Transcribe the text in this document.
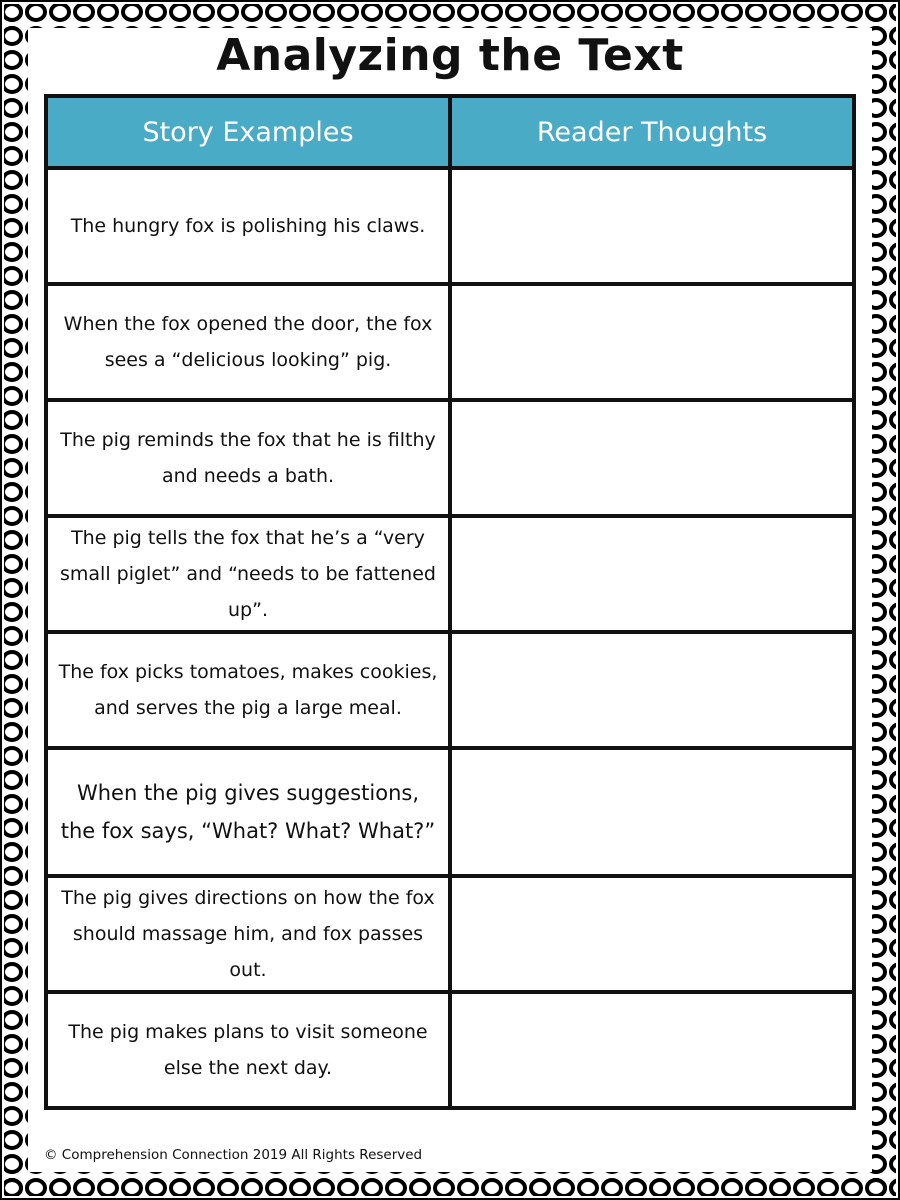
Analyzing the Text
Story Examples	Reader Thoughts
The hungry fox is polishing his claws.	
When the fox opened the door, the fox sees a “delicious looking” pig.	
The pig reminds the fox that he is filthy and needs a bath.	
The pig tells the fox that he’s a “very small piglet” and “needs to be fattened up”.	
The fox picks tomatoes, makes cookies, and serves the pig a large meal.	
When the pig gives suggestions, the fox says, “What? What? What?”	
The pig gives directions on how the fox should massage him, and fox passes out.	
The pig makes plans to visit someone else the next day.	
© Comprehension Connection 2019 All Rights Reserved
